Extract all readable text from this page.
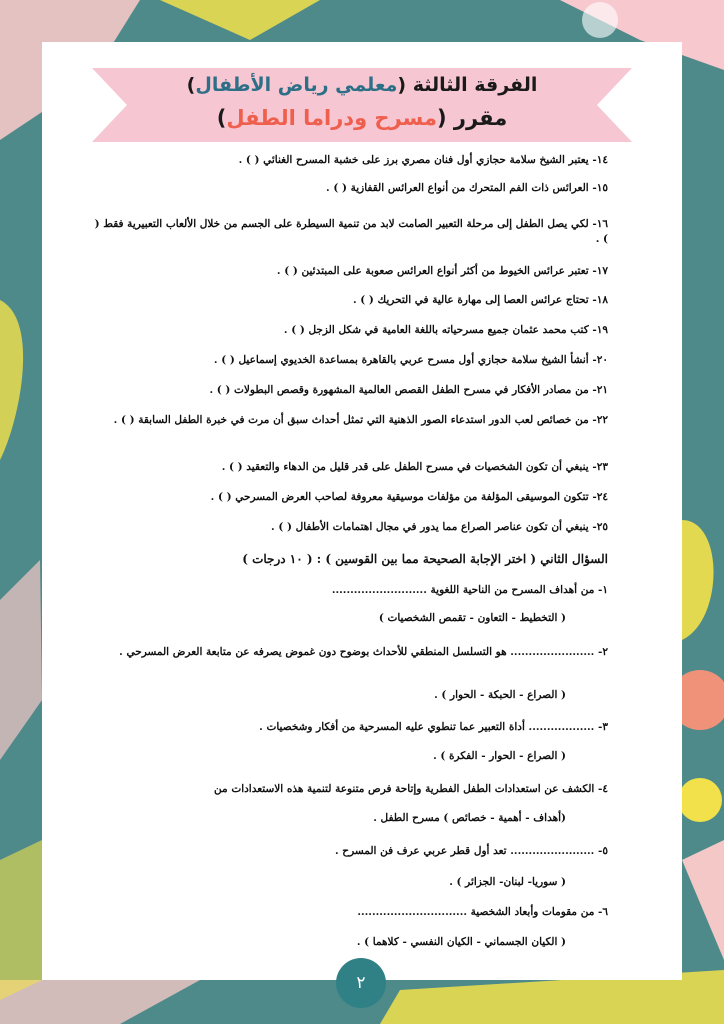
الفرقة الثالثة (معلمي رياض الأطفال)
مقرر (مسرح ودراما الطفل)
١٤- يعتبر الشيخ سلامة حجازي أول فنان مصري برز على خشبة المسرح الغنائي ( ) .
١٥- العرائس ذات الفم المتحرك من أنواع العرائس القفازية ( ) .
١٦- لكي يصل الطفل إلى مرحلة التعبير الصامت لابد من تنمية السيطرة على الجسم من خلال الألعاب التعبيرية فقط ( ) .
١٧- تعتبر عرائس الخيوط من أكثر أنواع العرائس صعوبة على المبتدئين ( ) .
١٨- تحتاج عرائس العصا إلى مهارة عالية في التحريك ( ) .
١٩- كتب محمد عثمان جميع مسرحياته باللغة العامية في شكل الزجل ( ) .
٢٠- أنشأ الشيخ سلامة حجازي أول مسرح عربي بالقاهرة بمساعدة الخديوي إسماعيل ( ) .
٢١- من مصادر الأفكار في مسرح الطفل القصص العالمية المشهورة وقصص البطولات ( ) .
٢٢- من خصائص لعب الدور استدعاء الصور الذهنية التي تمثل أحداث سبق أن مرت في خبرة الطفل السابقة ( ) .
٢٣- ينبغي أن تكون الشخصيات في مسرح الطفل على قدر قليل من الدهاء والتعقيد ( ) .
٢٤- تتكون الموسيقى المؤلفة من مؤلفات موسيقية معروفة لصاحب العرض المسرحي ( ) .
٢٥- ينبغي أن تكون عناصر الصراع مما يدور في مجال اهتمامات الأطفال ( ) .
السؤال الثاني ( اختر الإجابة الصحيحة مما بين القوسين ) : ( ١٠ درجات )
١- من أهداف المسرح من الناحية اللغوية ..........................
( التخطيط - التعاون - تقمص الشخصيات )
٢- ....................... هو التسلسل المنطقي للأحداث بوضوح دون غموض يصرفه عن متابعة العرض المسرحي .
( الصراع - الحبكة - الحوار ) .
٣- .................. أداة التعبير عما تنطوي عليه المسرحية من أفكار وشخصيات .
( الصراع - الحوار - الفكرة ) .
٤- الكشف عن استعدادات الطفل الفطرية وإتاحة فرص متنوعة لتنمية هذه الاستعدادات من
(أهداف - أهمية - خصائص ) مسرح الطفل .
٥- ....................... تعد أول قطر عربي عرف فن المسرح .
( سوريا- لبنان- الجزائر ) .
٦- من مقومات وأبعاد الشخصية ..............................
( الكيان الجسماني - الكيان النفسي - كلاهما ) .
٢
